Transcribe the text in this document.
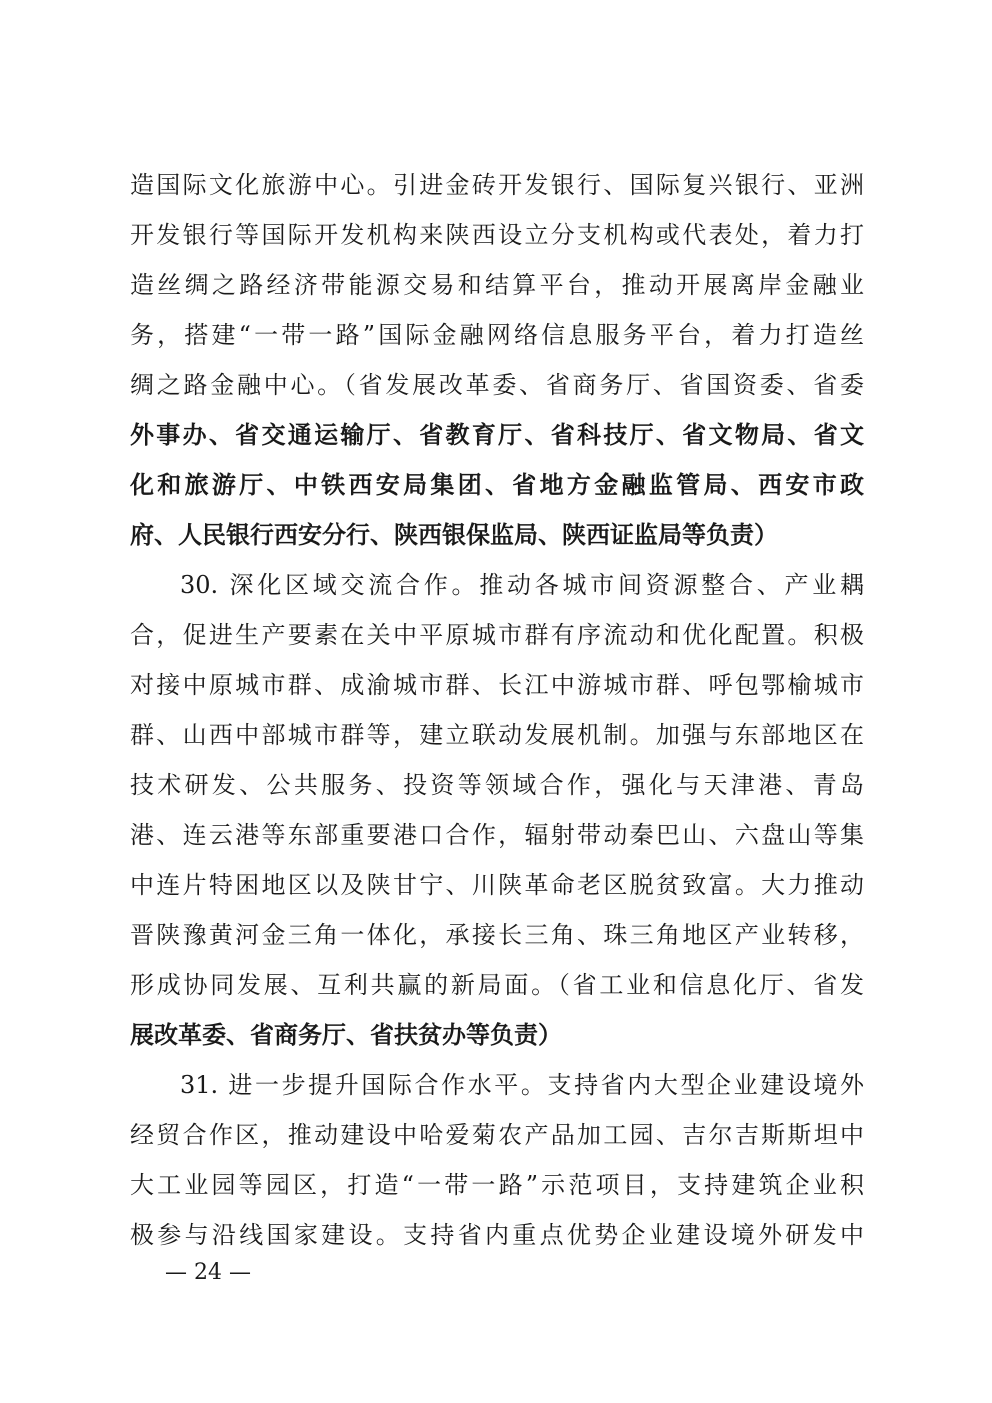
造国际文化旅游中心。引进金砖开发银行、国际复兴银行、亚洲
开发银行等国际开发机构来陕西设立分支机构或代表处，着力打
造丝绸之路经济带能源交易和结算平台，推动开展离岸金融业
务，搭建“一带一路”国际金融网络信息服务平台，着力打造丝
绸之路金融中心。（省发展改革委、省商务厅、省国资委、省委
外事办、省交通运输厅、省教育厅、省科技厅、省文物局、省文
化和旅游厅、中铁西安局集团、省地方金融监管局、西安市政
府、人民银行西安分行、陕西银保监局、陕西证监局等负责）
30. 深化区域交流合作。推动各城市间资源整合、产业耦
合，促进生产要素在关中平原城市群有序流动和优化配置。积极
对接中原城市群、成渝城市群、长江中游城市群、呼包鄂榆城市
群、山西中部城市群等，建立联动发展机制。加强与东部地区在
技术研发、公共服务、投资等领域合作，强化与天津港、青岛
港、连云港等东部重要港口合作，辐射带动秦巴山、六盘山等集
中连片特困地区以及陕甘宁、川陕革命老区脱贫致富。大力推动
晋陕豫黄河金三角一体化，承接长三角、珠三角地区产业转移，
形成协同发展、互利共赢的新局面。（省工业和信息化厅、省发
展改革委、省商务厅、省扶贫办等负责）
31. 进一步提升国际合作水平。支持省内大型企业建设境外
经贸合作区，推动建设中哈爱菊农产品加工园、吉尔吉斯斯坦中
大工业园等园区，打造“一带一路”示范项目，支持建筑企业积
极参与沿线国家建设。支持省内重点优势企业建设境外研发中
— 24 —
